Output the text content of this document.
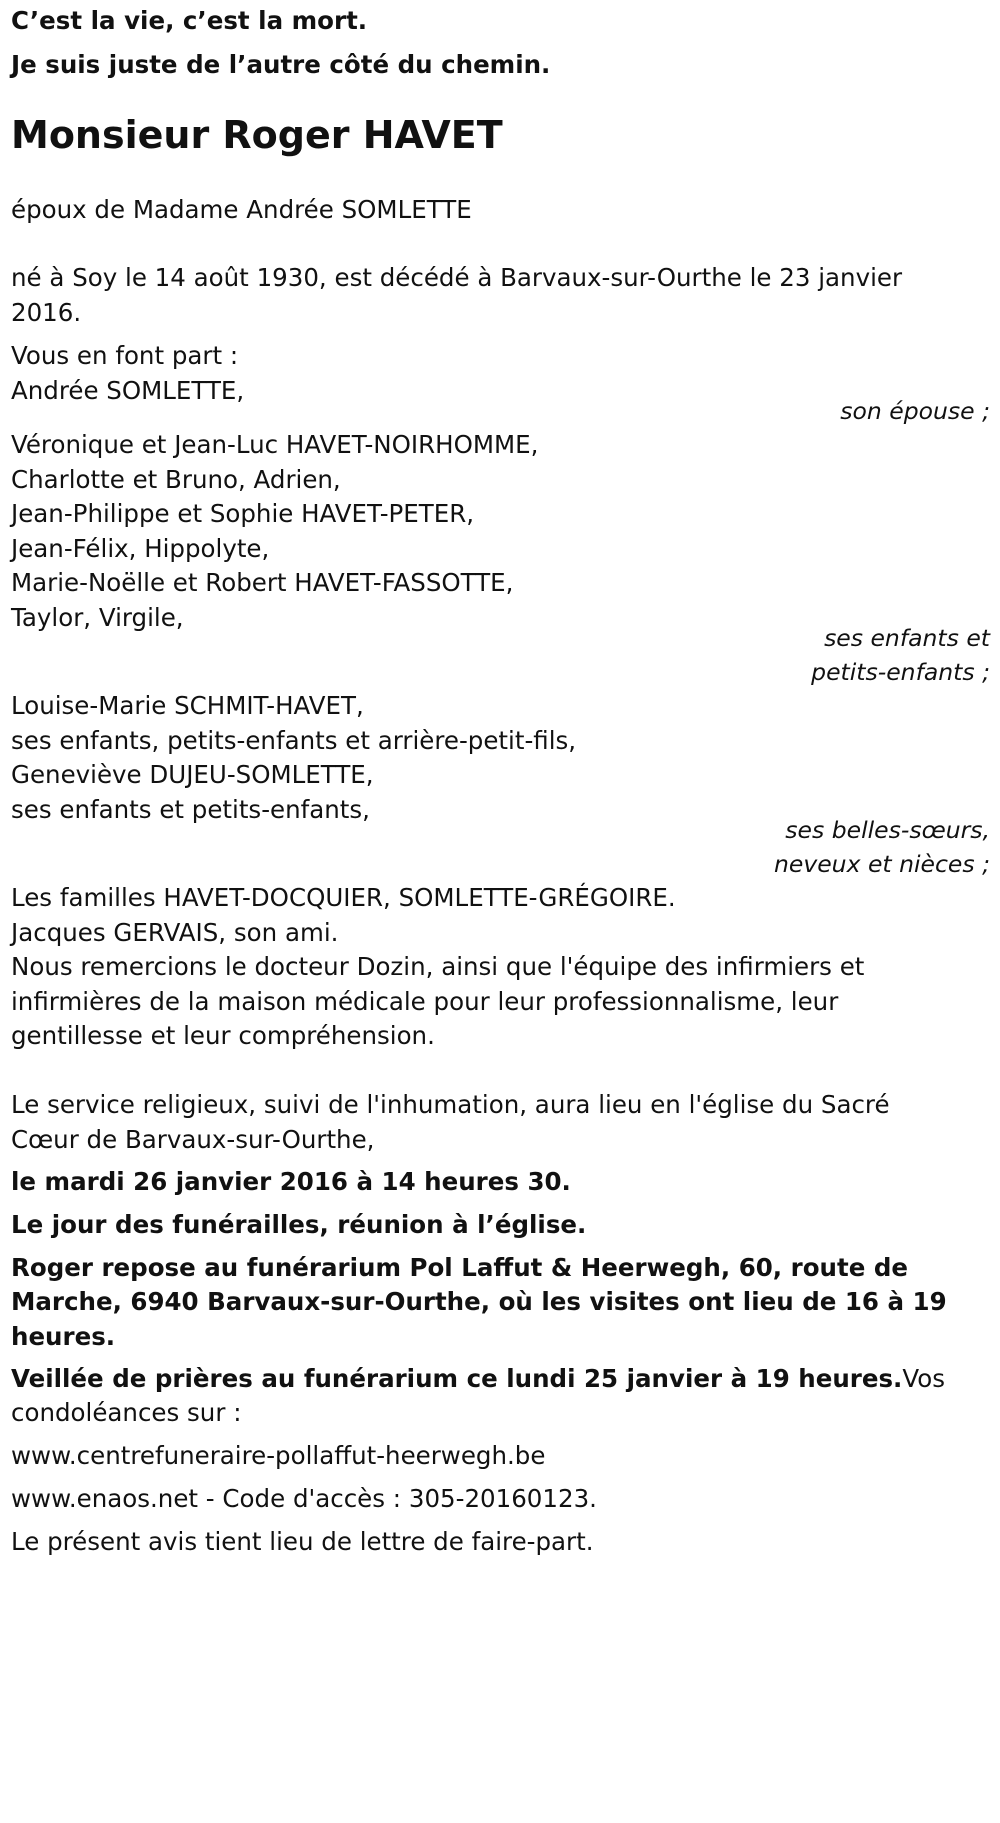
C’est la vie, c’est la mort.
Je suis juste de l’autre côté du chemin.
Monsieur Roger HAVET
époux de Madame Andrée SOMLETTE
né à Soy le 14 août 1930, est décédé à Barvaux-sur-Ourthe le 23 janvier
2016.
Vous en font part :
Andrée SOMLETTE,
son épouse ;
Véronique et Jean-Luc HAVET-NOIRHOMME,
Charlotte et Bruno, Adrien,
Jean-Philippe et Sophie HAVET-PETER,
Jean-Félix, Hippolyte,
Marie-Noëlle et Robert HAVET-FASSOTTE,
Taylor, Virgile,
ses enfants et
petits-enfants ;
Louise-Marie SCHMIT-HAVET,
ses enfants, petits-enfants et arrière-petit-fils,
Geneviève DUJEU-SOMLETTE,
ses enfants et petits-enfants,
ses belles-sœurs,
neveux et nièces ;
Les familles HAVET-DOCQUIER, SOMLETTE-GRÉGOIRE.
Jacques GERVAIS, son ami.
Nous remercions le docteur Dozin, ainsi que l'équipe des infirmiers et
infirmières de la maison médicale pour leur professionnalisme, leur
gentillesse et leur compréhension.
Le service religieux, suivi de l'inhumation, aura lieu en l'église du Sacré
Cœur de Barvaux-sur-Ourthe,
le mardi 26 janvier 2016 à 14 heures 30.
Le jour des funérailles, réunion à l’église.
Roger repose au funérarium Pol Laffut & Heerwegh, 60, route de
Marche, 6940 Barvaux-sur-Ourthe, où les visites ont lieu de 16 à 19
heures.
Veillée de prières au funérarium ce lundi 25 janvier à 19 heures.Vos
condoléances sur :
www.centrefuneraire-pollaffut-heerwegh.be
www.enaos.net - Code d'accès : 305-20160123.
Le présent avis tient lieu de lettre de faire-part.
